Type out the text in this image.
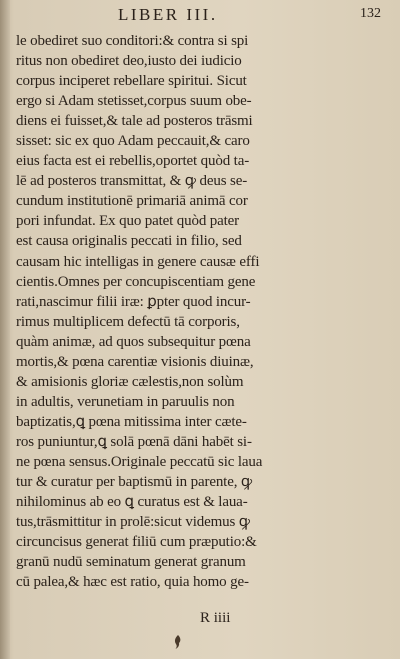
LIBER III.	132
le obediret suo conditori:& contra si spi
ritus non obediret deo,iusto dei iudicio
corpus inciperet rebellare spiritui. Sicut
ergo si Adam stetisset,corpus suum obe-
diens ei fuisset,& tale ad posteros trāsmi
sisset: sic ex quo Adam peccauit,& caro
eius facta est ei rebellis,oportet quòd ta-
lē ad posteros transmittat, & ꝙ deus se-
cundum institutionē primariā animā cor
pori infundat. Ex quo patet quòd pater
est causa originalis peccati in filio, sed
causam hic intelligas in genere causæ effi
cientis.Omnes per concupiscentiam gene
rati,nascimur filii iræ: ꝑpter quod incur-
rimus multiplicem defectū tā corporis,
quàm animæ, ad quos subsequitur pœna
mortis,& pœna carentiæ visionis diuinæ,
& amisionis gloriæ cælestis,non solùm
in adultis, verunetiam in paruulis non
baptizatis,ꝗ pœna mitissima inter cæte-
ros puniuntur,ꝗ solā pœnā dāni habēt si-
ne pœna sensus.Originale peccatū sic laua
tur & curatur per baptismū in parente, ꝙ
nihilominus ab eo ꝗ curatus est & laua-
tus,trāsmittitur in prolē:sicut videmus ꝙ
circuncisus generat filiū cum præputio:&
granū nudū seminatum generat granum
cū palea,& hæc est ratio, quia homo ge-
R iiii
